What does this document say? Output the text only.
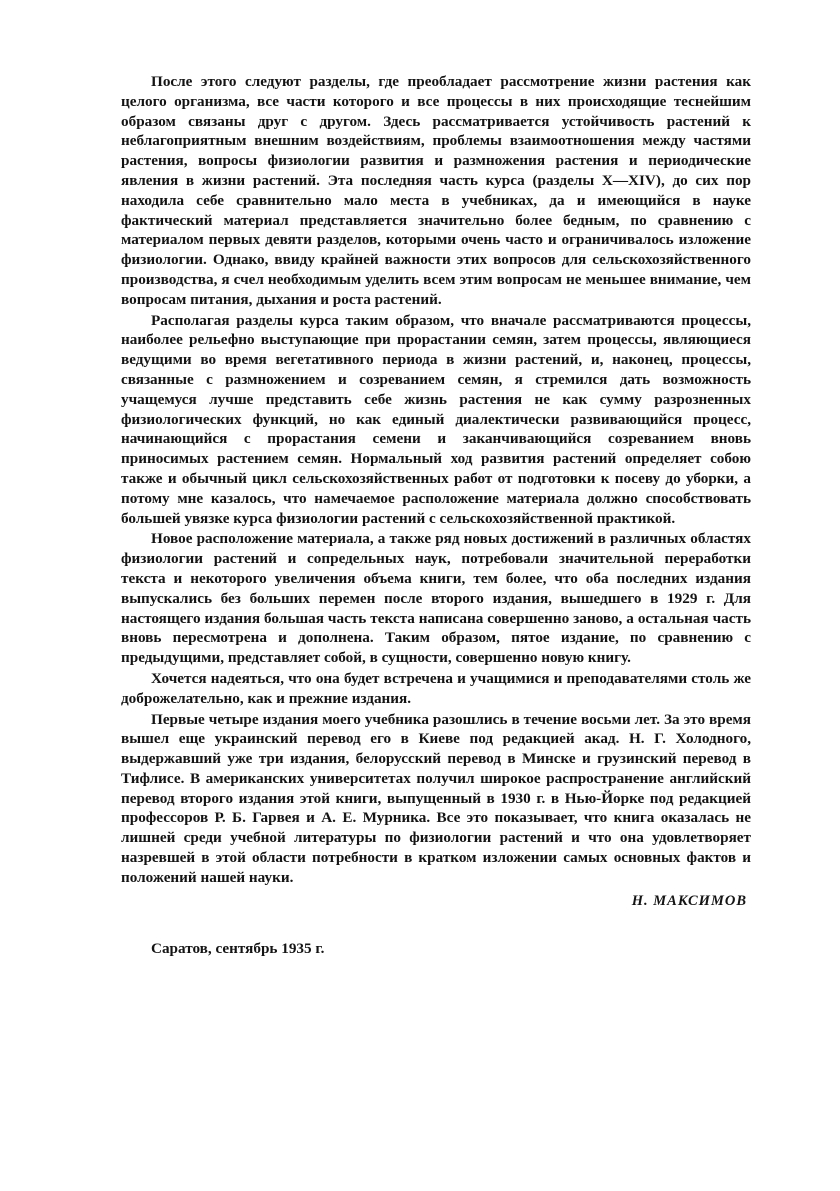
После этого следуют разделы, где преобладает рассмотрение жизни растения как целого организма, все части которого и все процессы в них происходящие теснейшим образом связаны друг с другом. Здесь рассматривается устойчивость растений к неблагоприятным внешним воздействиям, проблемы взаимоотношения между частями растения, вопросы физиологии развития и размножения растения и периодические явления в жизни растений. Эта последняя часть курса (разделы X—XIV), до сих пор находила себе сравнительно мало места в учебниках, да и имеющийся в науке фактический материал представляется значительно более бедным, по сравнению с материалом первых девяти разделов, которыми очень часто и ограничивалось изложение физиологии. Однако, ввиду крайней важности этих вопросов для сельскохозяйственного производства, я счел необходимым уделить всем этим вопросам не меньшее внимание, чем вопросам питания, дыхания и роста растений.

Располагая разделы курса таким образом, что вначале рассматриваются процессы, наиболее рельефно выступающие при прорастании семян, затем процессы, являющиеся ведущими во время вегетативного периода в жизни растений, и, наконец, процессы, связанные с размножением и созреванием семян, я стремился дать возможность учащемуся лучше представить себе жизнь растения не как сумму разрозненных физиологических функций, но как единый диалектически развивающийся процесс, начинающийся с прорастания семени и заканчивающийся созреванием вновь приносимых растением семян. Нормальный ход развития растений определяет собою также и обычный цикл сельскохозяйственных работ от подготовки к посеву до уборки, а потому мне казалось, что намечаемое расположение материала должно способствовать большей увязке курса физиологии растений с сельскохозяйственной практикой.

Новое расположение материала, а также ряд новых достижений в различных областях физиологии растений и сопредельных наук, потребовали значительной переработки текста и некоторого увеличения объема книги, тем более, что оба последних издания выпускались без больших перемен после второго издания, вышедшего в 1929 г. Для настоящего издания большая часть текста написана совершенно заново, а остальная часть вновь пересмотрена и дополнена. Таким образом, пятое издание, по сравнению с предыдущими, представляет собой, в сущности, совершенно новую книгу.

Хочется надеяться, что она будет встречена и учащимися и преподавателями столь же доброжелательно, как и прежние издания.

Первые четыре издания моего учебника разошлись в течение восьми лет. За это время вышел еще украинский перевод его в Киеве под редакцией акад. Н. Г. Холодного, выдержавший уже три издания, белорусский перевод в Минске и грузинский перевод в Тифлисе. В американских университетах получил широкое распространение английский перевод второго издания этой книги, выпущенный в 1930 г. в Нью-Йорке под редакцией профессоров Р. Б. Гарвея и А. Е. Мурника. Все это показывает, что книга оказалась не лишней среди учебной литературы по физиологии растений и что она удовлетворяет назревшей в этой области потребности в кратком изложении самых основных фактов и положений нашей науки.

Н. МАКСИМОВ

Саратов, сентябрь 1935 г.
